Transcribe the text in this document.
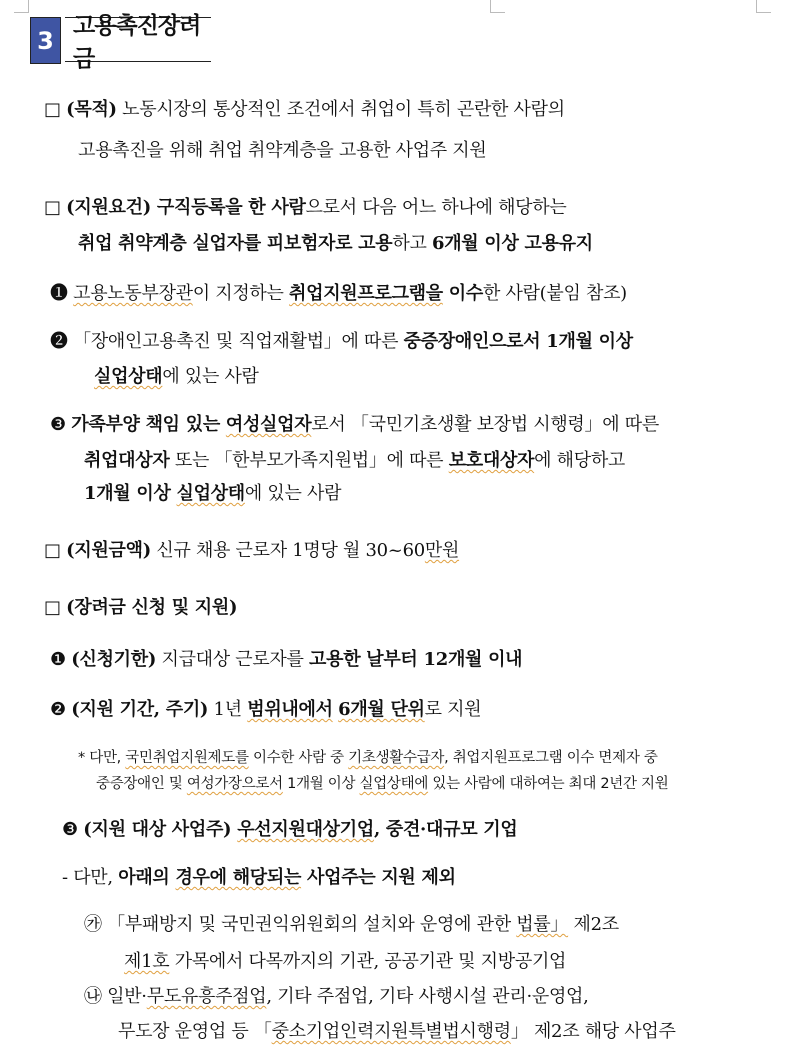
3
고용촉진장려금
□ (목적) 노동시장의 통상적인 조건에서 취업이 특히 곤란한 사람의
고용촉진을 위해 취업 취약계층을 고용한 사업주 지원
□ (지원요건) 구직등록을 한 사람으로서 다음 어느 하나에 해당하는
취업 취약계층 실업자를 피보험자로 고용하고 6개월 이상 고용유지
❶ 고용노동부장관이 지정하는 취업지원프로그램을 이수한 사람(붙임 참조)
❷ 「장애인고용촉진 및 직업재활법」에 따른 중증장애인으로서 1개월 이상
실업상태에 있는 사람
❸ 가족부양 책임 있는 여성실업자로서 「국민기초생활 보장법 시행령」에 따른
취업대상자 또는 「한부모가족지원법」에 따른 보호대상자에 해당하고
1개월 이상 실업상태에 있는 사람
□ (지원금액) 신규 채용 근로자 1명당 월 30~60만원
□ (장려금 신청 및 지원)
❶ (신청기한) 지급대상 근로자를 고용한 날부터 12개월 이내
❷ (지원 기간, 주기) 1년 범위내에서 6개월 단위로 지원
* 다만, 국민취업지원제도를 이수한 사람 중 기초생활수급자, 취업지원프로그램 이수 면제자 중
중증장애인 및 여성가장으로서 1개월 이상 실업상태에 있는 사람에 대하여는 최대 2년간 지원
❸ (지원 대상 사업주) 우선지원대상기업, 중견·대규모 기업
- 다만, 아래의 경우에 해당되는 사업주는 지원 제외
㉮ 「부패방지 및 국민권익위원회의 설치와 운영에 관한 법률」 제2조
제1호 가목에서 다목까지의 기관, 공공기관 및 지방공기업
㉯ 일반·무도유흥주점업, 기타 주점업, 기타 사행시설 관리·운영업,
무도장 운영업 등 「중소기업인력지원특별법시행령」 제2조 해당 사업주
